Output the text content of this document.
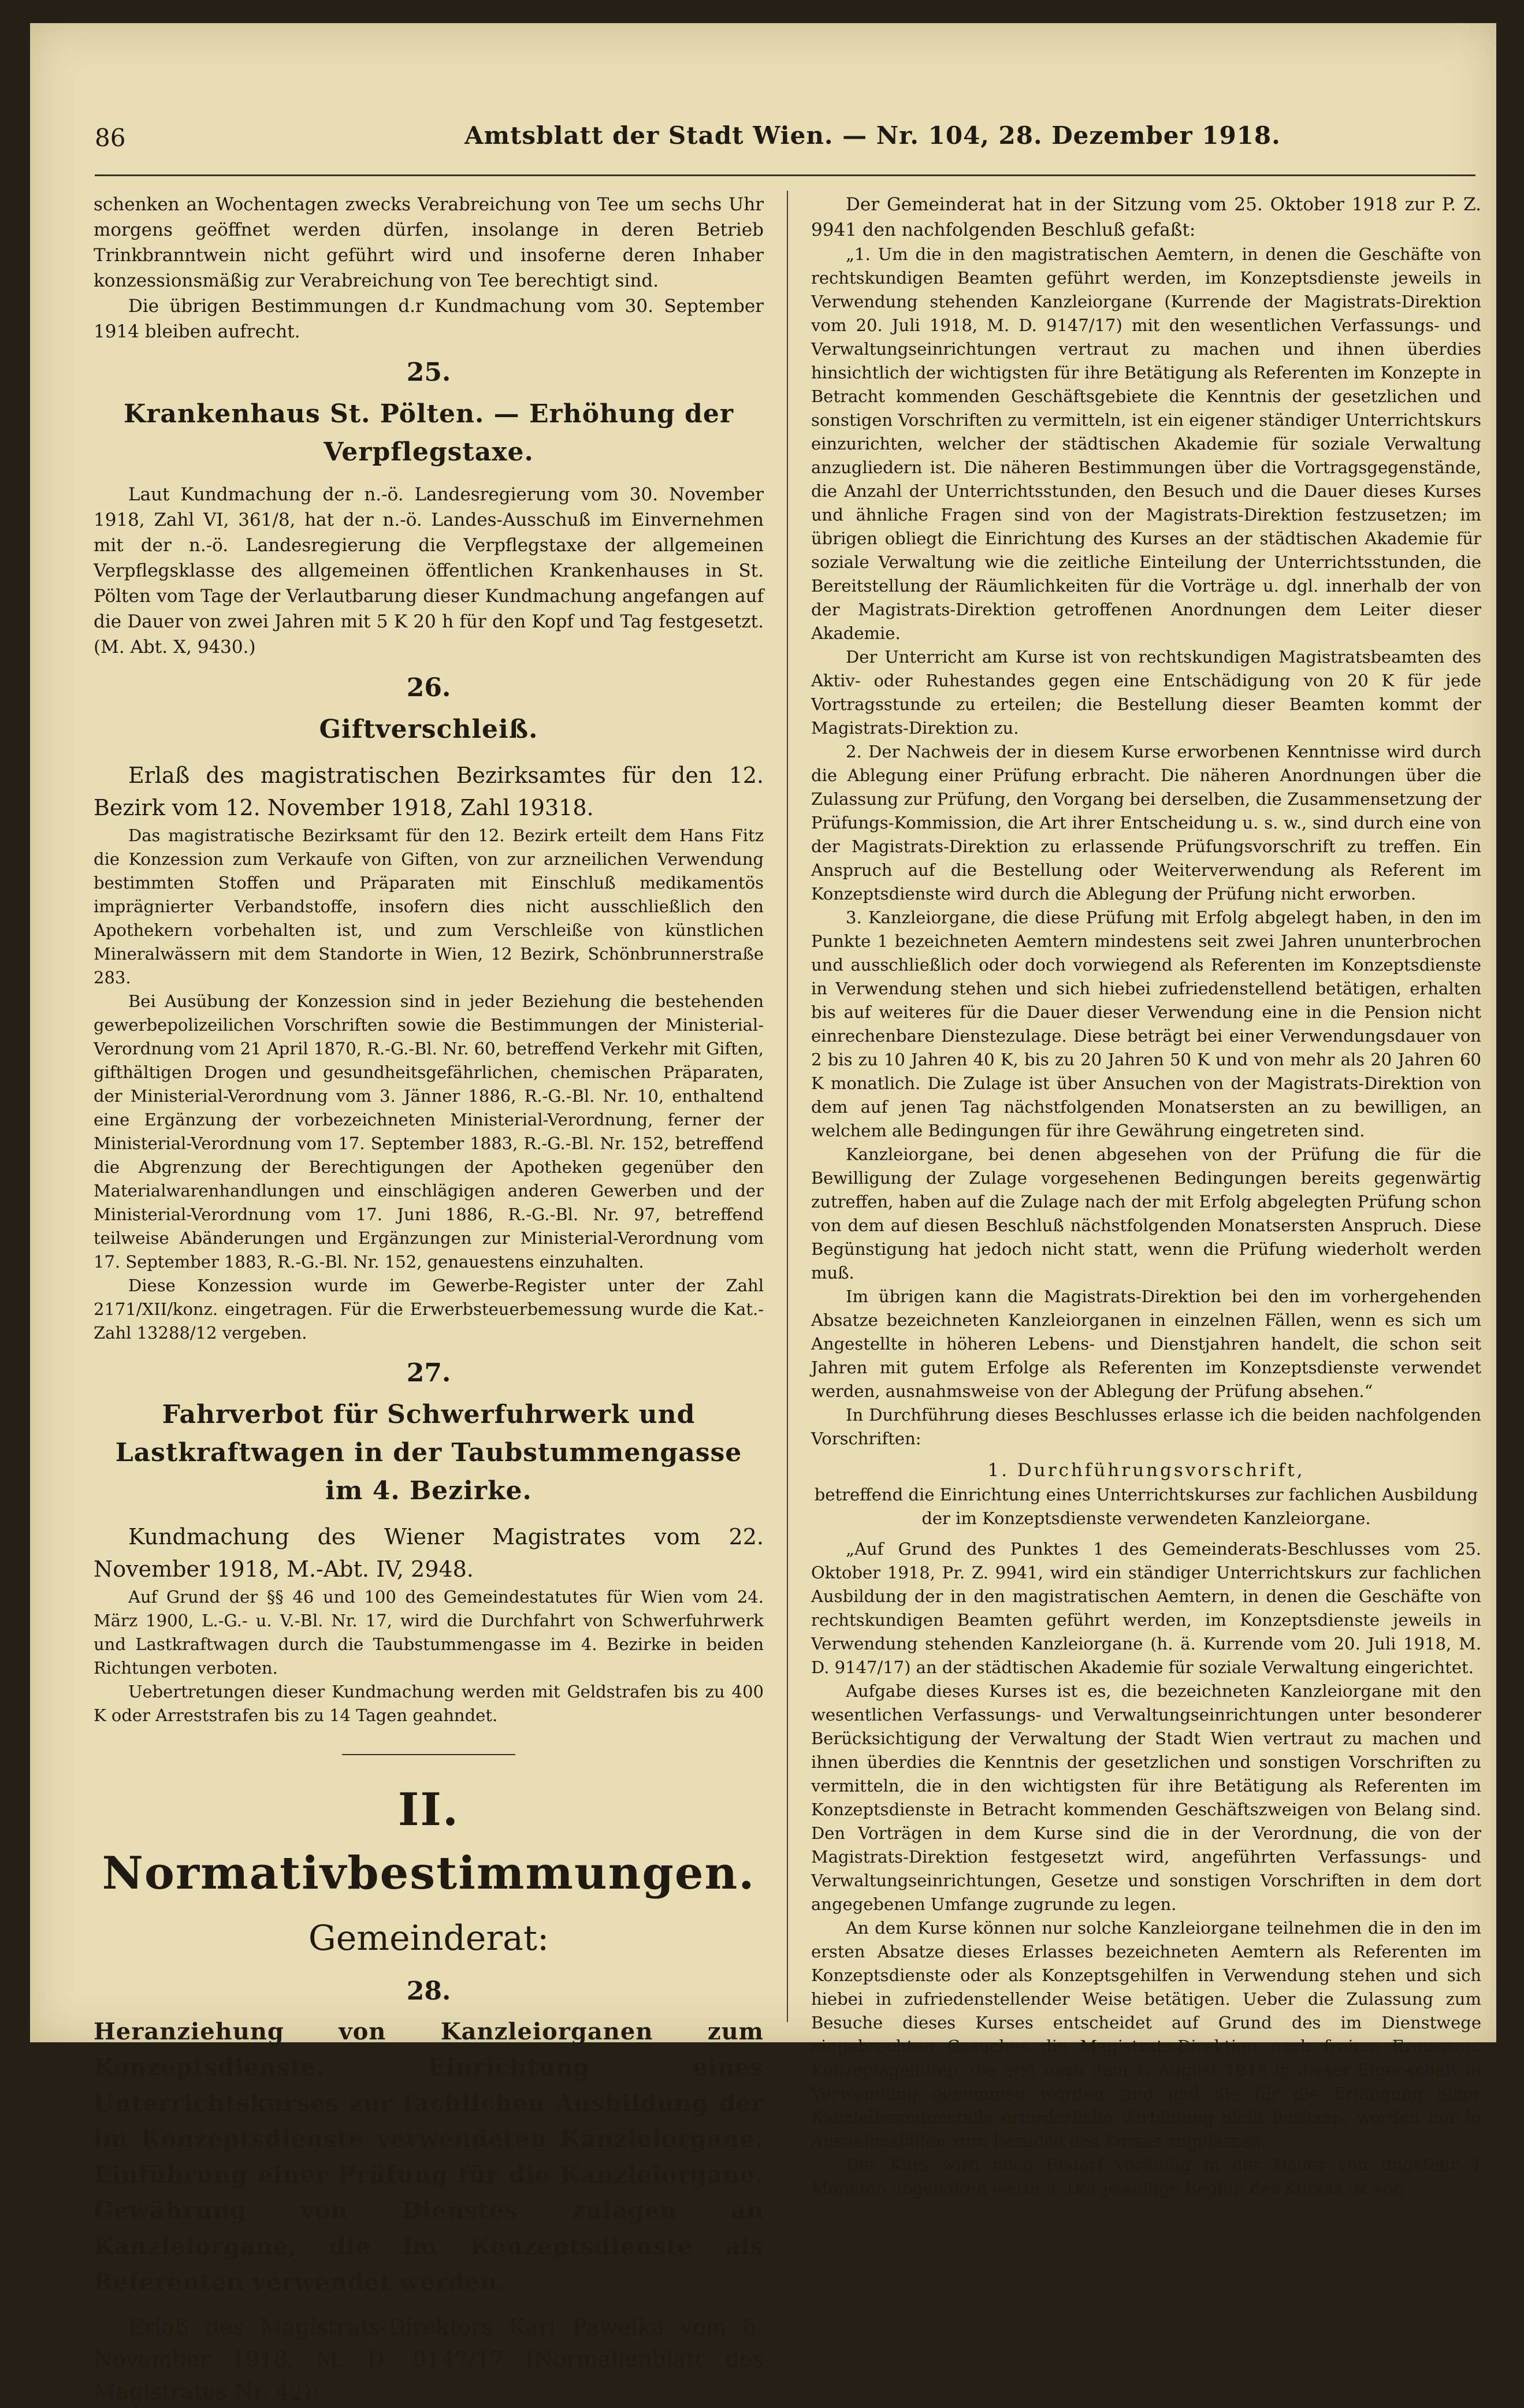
86	Amtsblatt der Stadt Wien. — Nr. 104, 28. Dezember 1918.

schenken an Wochentagen zwecks Verabreichung von Tee um sechs Uhr morgens geöffnet werden dürfen, insolange in deren Betrieb Trinkbranntwein nicht geführt wird und insoferne deren Inhaber konzessionsmäßig zur Verabreichung von Tee berechtigt sind.

Die übrigen Bestimmungen d.r Kundmachung vom 30. September 1914 bleiben aufrecht.

25.
Krankenhaus St. Pölten. — Erhöhung der Verpflegstaxe.

Laut Kundmachung der n.-ö. Landesregierung vom 30. November 1918, Zahl VI, 361/8, hat der n.-ö. Landes-Ausschuß im Einvernehmen mit der n.-ö. Landesregierung die Verpflegstaxe der allgemeinen Verpflegsklasse des allgemeinen öffentlichen Krankenhauses in St. Pölten vom Tage der Verlautbarung dieser Kundmachung angefangen auf die Dauer von zwei Jahren mit 5 K 20 h für den Kopf und Tag festgesetzt. (M. Abt. X, 9430.)

26.
Giftverschleiß.

Erlaß des magistratischen Bezirksamtes für den 12. Bezirk vom 12. November 1918, Zahl 19318.

Das magistratische Bezirksamt für den 12. Bezirk erteilt dem Hans Fitz die Konzession zum Verkaufe von Giften, von zur arzneilichen Verwendung bestimmten Stoffen und Präparaten mit Einschluß medikamentös imprägnierter Verbandstoffe, insofern dies nicht ausschließlich den Apothekern vorbehalten ist, und zum Verschleiße von künstlichen Mineralwässern mit dem Standorte in Wien, 12 Bezirk, Schönbrunnerstraße 283.

Bei Ausübung der Konzession sind in jeder Beziehung die bestehenden gewerbepolizeilichen Vorschriften sowie die Bestimmungen der Ministerial-Verordnung vom 21 April 1870, R.-G.-Bl. Nr. 60, betreffend Verkehr mit Giften, gifthältigen Drogen und gesundheitsgefährlichen, chemischen Präparaten, der Ministerial-Verordnung vom 3. Jänner 1886, R.-G.-Bl. Nr. 10, enthaltend eine Ergänzung der vorbezeichneten Ministerial-Verordnung, ferner der Ministerial-Verordnung vom 17. September 1883, R.-G.-Bl. Nr. 152, betreffend die Abgrenzung der Berechtigungen der Apotheken gegenüber den Materialwarenhandlungen und einschlägigen anderen Gewerben und der Ministerial-Verordnung vom 17. Juni 1886, R.-G.-Bl. Nr. 97, betreffend teilweise Abänderungen und Ergänzungen zur Ministerial-Verordnung vom 17. September 1883, R.-G.-Bl. Nr. 152, genauestens einzuhalten.

Diese Konzession wurde im Gewerbe-Register unter der Zahl 2171/XII/konz. eingetragen. Für die Erwerbsteuerbemessung wurde die Kat.-Zahl 13288/12 vergeben.

27.
Fahrverbot für Schwerfuhrwerk und Lastkraftwagen in der Taubstummengasse im 4. Bezirke.

Kundmachung des Wiener Magistrates vom 22. November 1918, M.-Abt. IV, 2948.

Auf Grund der §§ 46 und 100 des Gemeindestatutes für Wien vom 24. März 1900, L.-G.- u. V.-Bl. Nr. 17, wird die Durchfahrt von Schwerfuhrwerk und Lastkraftwagen durch die Taubstummengasse im 4. Bezirke in beiden Richtungen verboten.

Uebertretungen dieser Kundmachung werden mit Geldstrafen bis zu 400 K oder Arreststrafen bis zu 14 Tagen geahndet.

II. Normativbestimmungen.
Gemeinderat:
28.
Heranziehung von Kanzleiorganen zum Konzeptsdienste. Einrichtung eines Unterrichtskurses zur fachlichen Ausbildung der im Konzeptsdienste verwendeten Kanzleiorgane. Einführung einer Prüfung für die Kanzleiorgane. Gewährung von Dienstes zulagen an Kanzleiorgane, die im Konzeptsdienste als Referenten verwendet werden.

Erlaß des Magistrats-Direktors Karl Pawelka vom 6. November 1918, M. D. 9147/17 (Normalienblatt des Magistrates Nr. 42):

Der Gemeinderat hat in der Sitzung vom 25. Oktober 1918 zur P. Z. 9941 den nachfolgenden Beschluß gefaßt:

„1. Um die in den magistratischen Aemtern, in denen die Geschäfte von rechtskundigen Beamten geführt werden, im Konzeptsdienste jeweils in Verwendung stehenden Kanzleiorgane (Kurrende der Magistrats-Direktion vom 20. Juli 1918, M. D. 9147/17) mit den wesentlichen Verfassungs- und Verwaltungseinrichtungen vertraut zu machen und ihnen überdies hinsichtlich der wichtigsten für ihre Betätigung als Referenten im Konzepte in Betracht kommenden Geschäftsgebiete die Kenntnis der gesetzlichen und sonstigen Vorschriften zu vermitteln, ist ein eigener ständiger Unterrichtskurs einzurichten, welcher der städtischen Akademie für soziale Verwaltung anzugliedern ist. Die näheren Bestimmungen über die Vortragsgegenstände, die Anzahl der Unterrichtsstunden, den Besuch und die Dauer dieses Kurses und ähnliche Fragen sind von der Magistrats-Direktion festzusetzen; im übrigen obliegt die Einrichtung des Kurses an der städtischen Akademie für soziale Verwaltung wie die zeitliche Einteilung der Unterrichtsstunden, die Bereitstellung der Räumlichkeiten für die Vorträge u. dgl. innerhalb der von der Magistrats-Direktion getroffenen Anordnungen dem Leiter dieser Akademie.

Der Unterricht am Kurse ist von rechtskundigen Magistratsbeamten des Aktiv- oder Ruhestandes gegen eine Entschädigung von 20 K für jede Vortragsstunde zu erteilen; die Bestellung dieser Beamten kommt der Magistrats-Direktion zu.

2. Der Nachweis der in diesem Kurse erworbenen Kenntnisse wird durch die Ablegung einer Prüfung erbracht. Die näheren Anordnungen über die Zulassung zur Prüfung, den Vorgang bei derselben, die Zusammensetzung der Prüfungs-Kommission, die Art ihrer Entscheidung u. s. w., sind durch eine von der Magistrats-Direktion zu erlassende Prüfungsvorschrift zu treffen. Ein Anspruch auf die Bestellung oder Weiterverwendung als Referent im Konzeptsdienste wird durch die Ablegung der Prüfung nicht erworben.

3. Kanzleiorgane, die diese Prüfung mit Erfolg abgelegt haben, in den im Punkte 1 bezeichneten Aemtern mindestens seit zwei Jahren ununterbrochen und ausschließlich oder doch vorwiegend als Referenten im Konzeptsdienste in Verwendung stehen und sich hiebei zufriedenstellend betätigen, erhalten bis auf weiteres für die Dauer dieser Verwendung eine in die Pension nicht einrechenbare Dienstezulage. Diese beträgt bei einer Verwendungsdauer von 2 bis zu 10 Jahren 40 K, bis zu 20 Jahren 50 K und von mehr als 20 Jahren 60 K monatlich. Die Zulage ist über Ansuchen von der Magistrats-Direktion von dem auf jenen Tag nächstfolgenden Monatsersten an zu bewilligen, an welchem alle Bedingungen für ihre Gewährung eingetreten sind.

Kanzleiorgane, bei denen abgesehen von der Prüfung die für die Bewilligung der Zulage vorgesehenen Bedingungen bereits gegenwärtig zutreffen, haben auf die Zulage nach der mit Erfolg abgelegten Prüfung schon von dem auf diesen Beschluß nächstfolgenden Monatsersten Anspruch. Diese Begünstigung hat jedoch nicht statt, wenn die Prüfung wiederholt werden muß.

Im übrigen kann die Magistrats-Direktion bei den im vorhergehenden Absatze bezeichneten Kanzleiorganen in einzelnen Fällen, wenn es sich um Angestellte in höheren Lebens- und Dienstjahren handelt, die schon seit Jahren mit gutem Erfolge als Referenten im Konzeptsdienste verwendet werden, ausnahmsweise von der Ablegung der Prüfung absehen.“

In Durchführung dieses Beschlusses erlasse ich die beiden nachfolgenden Vorschriften:

1. Durchführungsvorschrift,

betreffend die Einrichtung eines Unterrichtskurses zur fachlichen Ausbildung der im Konzeptsdienste verwendeten Kanzleiorgane.

„Auf Grund des Punktes 1 des Gemeinderats-Beschlusses vom 25. Oktober 1918, Pr. Z. 9941, wird ein ständiger Unterrichtskurs zur fachlichen Ausbildung der in den magistratischen Aemtern, in denen die Geschäfte von rechtskundigen Beamten geführt werden, im Konzeptsdienste jeweils in Verwendung stehenden Kanzleiorgane (h. ä. Kurrende vom 20. Juli 1918, M. D. 9147/17) an der städtischen Akademie für soziale Verwaltung eingerichtet.

Aufgabe dieses Kurses ist es, die bezeichneten Kanzleiorgane mit den wesentlichen Verfassungs- und Verwaltungseinrichtungen unter besonderer Berücksichtigung der Verwaltung der Stadt Wien vertraut zu machen und ihnen überdies die Kenntnis der gesetzlichen und sonstigen Vorschriften zu vermitteln, die in den wichtigsten für ihre Betätigung als Referenten im Konzeptsdienste in Betracht kommenden Geschäftszweigen von Belang sind. Den Vorträgen in dem Kurse sind die in der Verordnung, die von der Magistrats-Direktion festgesetzt wird, angeführten Verfassungs- und Verwaltungseinrichtungen, Gesetze und sonstigen Vorschriften in dem dort angegebenen Umfange zugrunde zu legen.

An dem Kurse können nur solche Kanzleiorgane teilnehmen die in den im ersten Absatze dieses Erlasses bezeichneten Aemtern als Referenten im Konzeptsdienste oder als Konzeptsgehilfen in Verwendung stehen und sich hiebei in zufriedenstellender Weise betätigen. Ueber die Zulassung zum Besuche dieses Kurses entscheidet auf Grund des im Dienstwege eingebrachten Gesuches die Magistrats-Direktion nach freiem Ermessen. Konzeptsgehilfen, die erst nach dem 1. August 1918 in dieser Eigenschaft in Verwendung genommen worden sind und die für die Erlangung einer Kanzleibeamtenstelle erforderliche Vorbildung nicht besitzen, werden nur in Ausnahmsfällen zum Besuche des Kurses zugelassen.

Der Kurs wird nach Bedarf vorläufig in der Dauer von ungefähr 4 Monaten abgehalten werden. Der jeweilige Beginn des Kurses ist von
